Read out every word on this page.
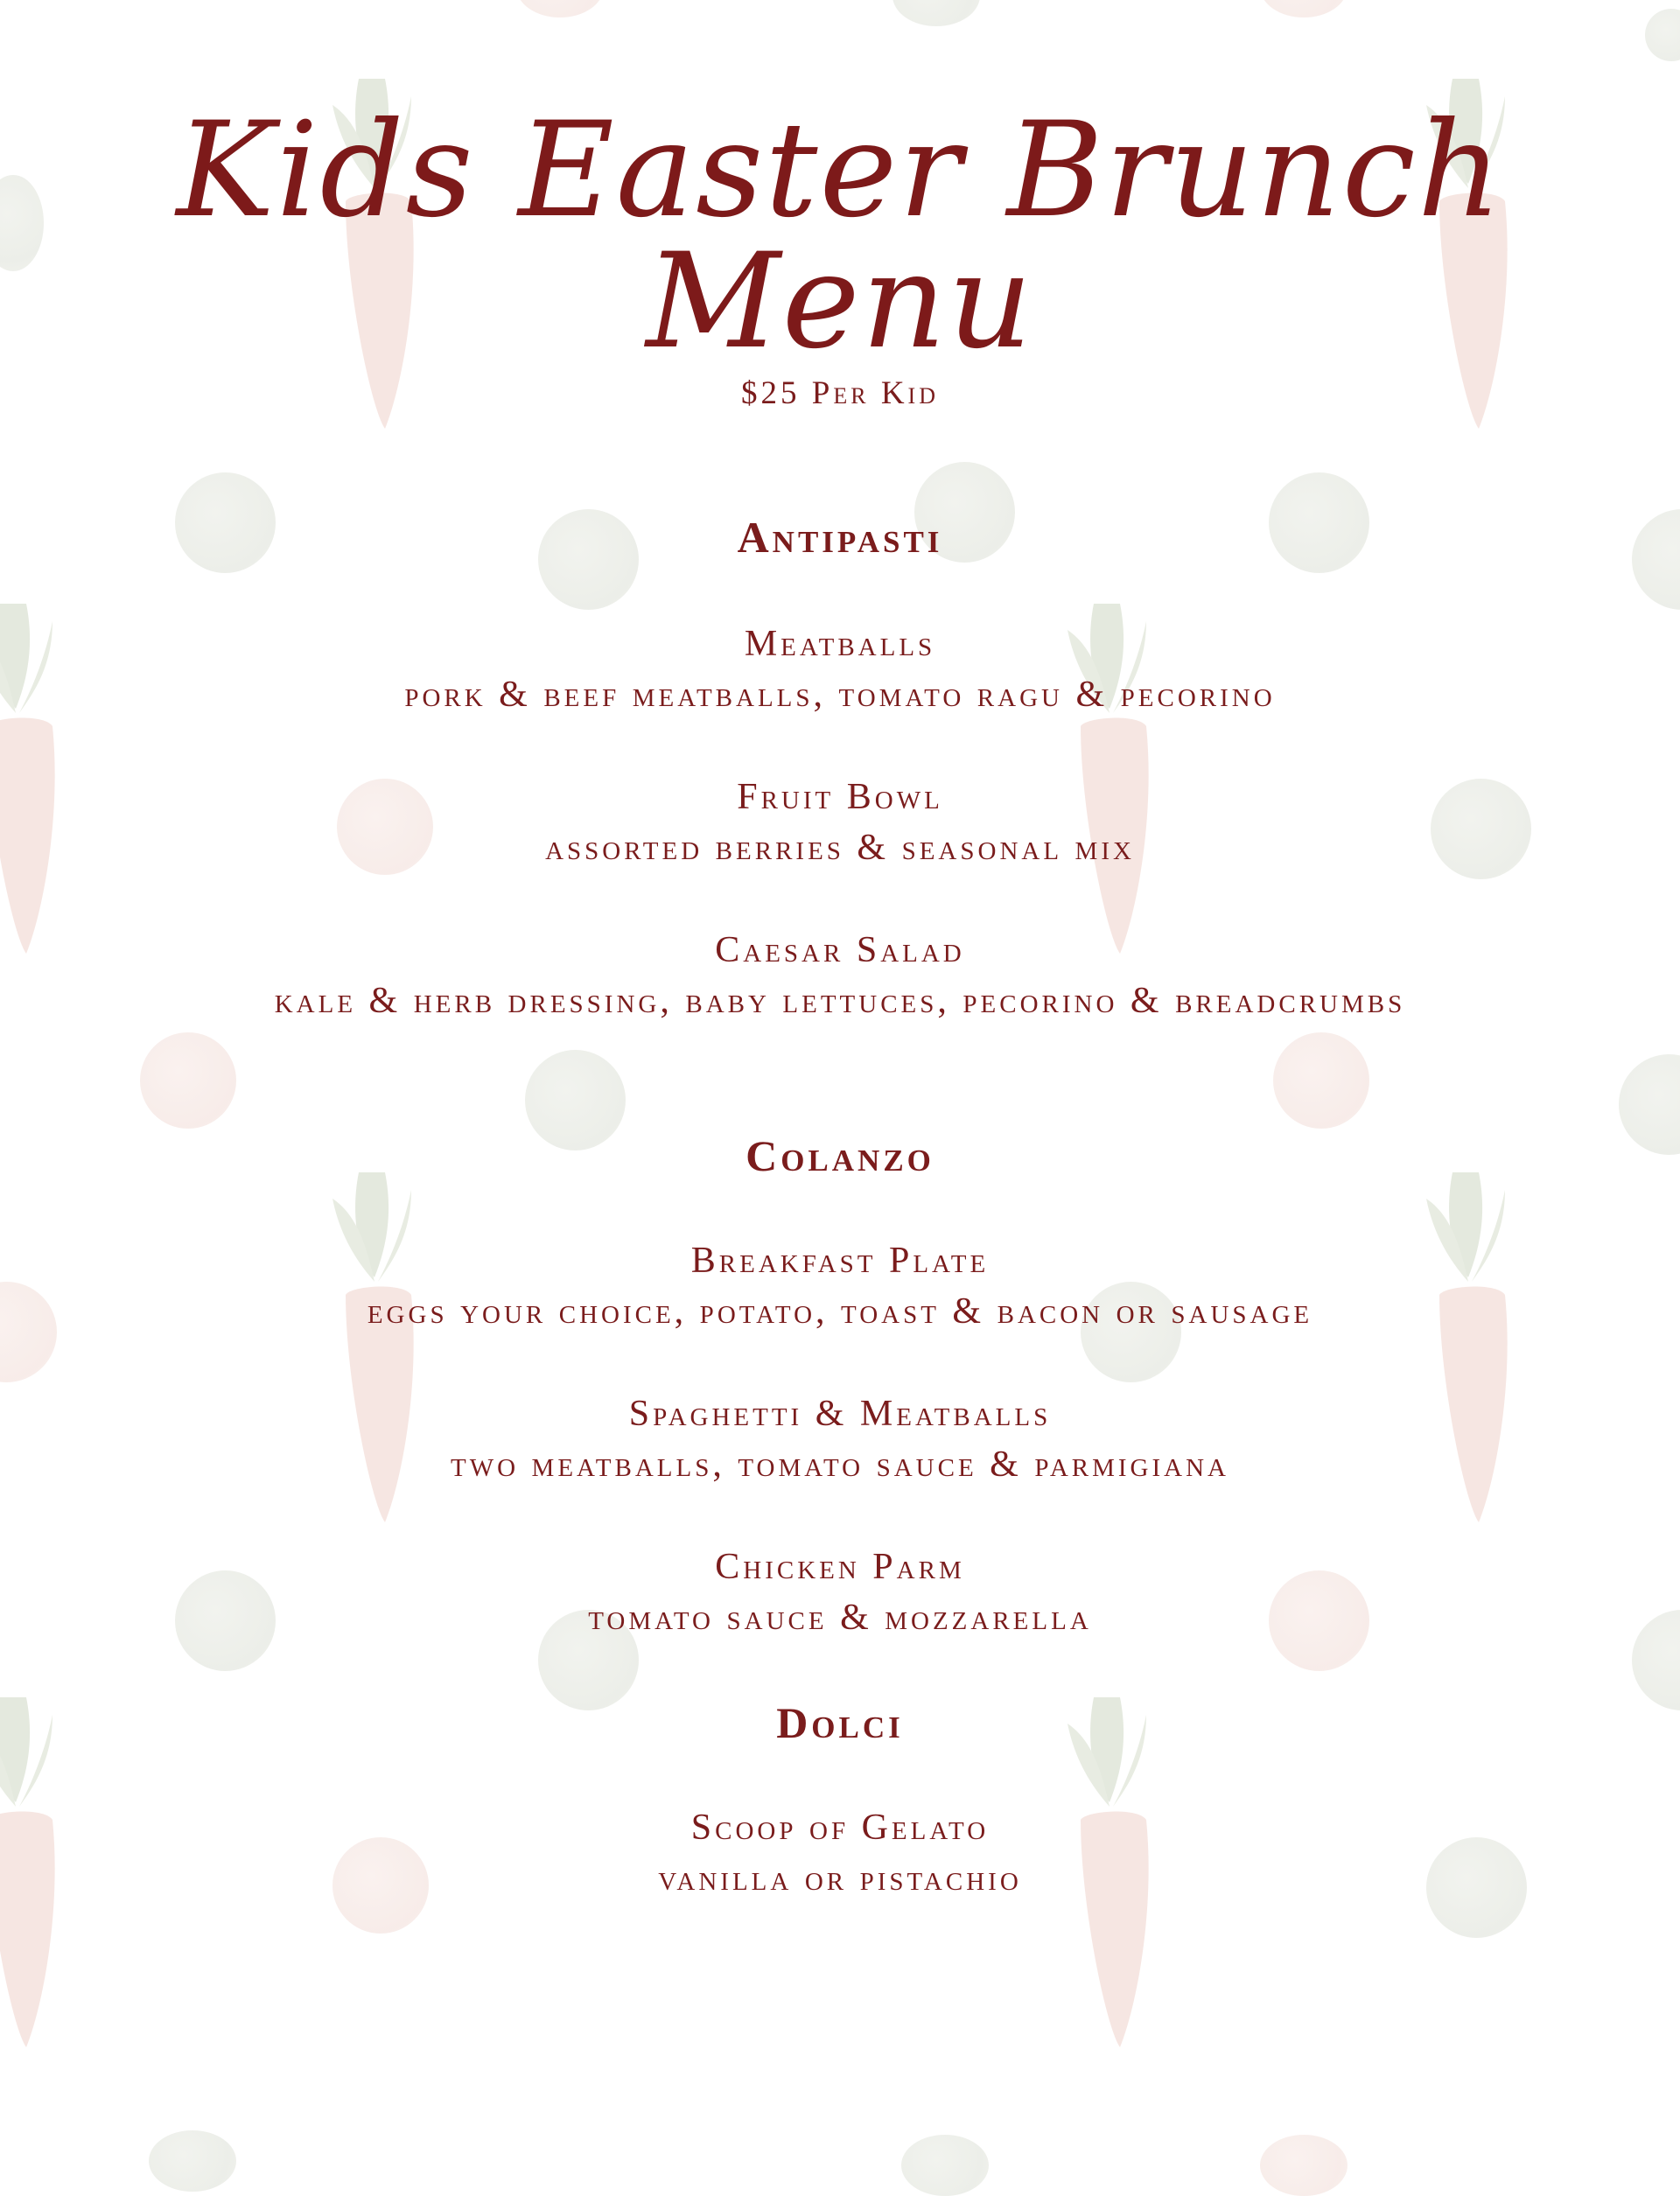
Kids Easter Brunch Menu
$25 Per Kid
Antipasti
Meatballs
pork & beef meatballs, tomato ragu & pecorino
Fruit Bowl
assorted berries & seasonal mix
Caesar Salad
kale & herb dressing, baby lettuces, pecorino & breadcrumbs
Colanzo
Breakfast Plate
eggs your choice, potato, toast & bacon or sausage
Spaghetti & Meatballs
two meatballs, tomato sauce & parmigiana
Chicken Parm
tomato sauce & mozzarella
Dolci
Scoop of Gelato
vanilla or pistachio
